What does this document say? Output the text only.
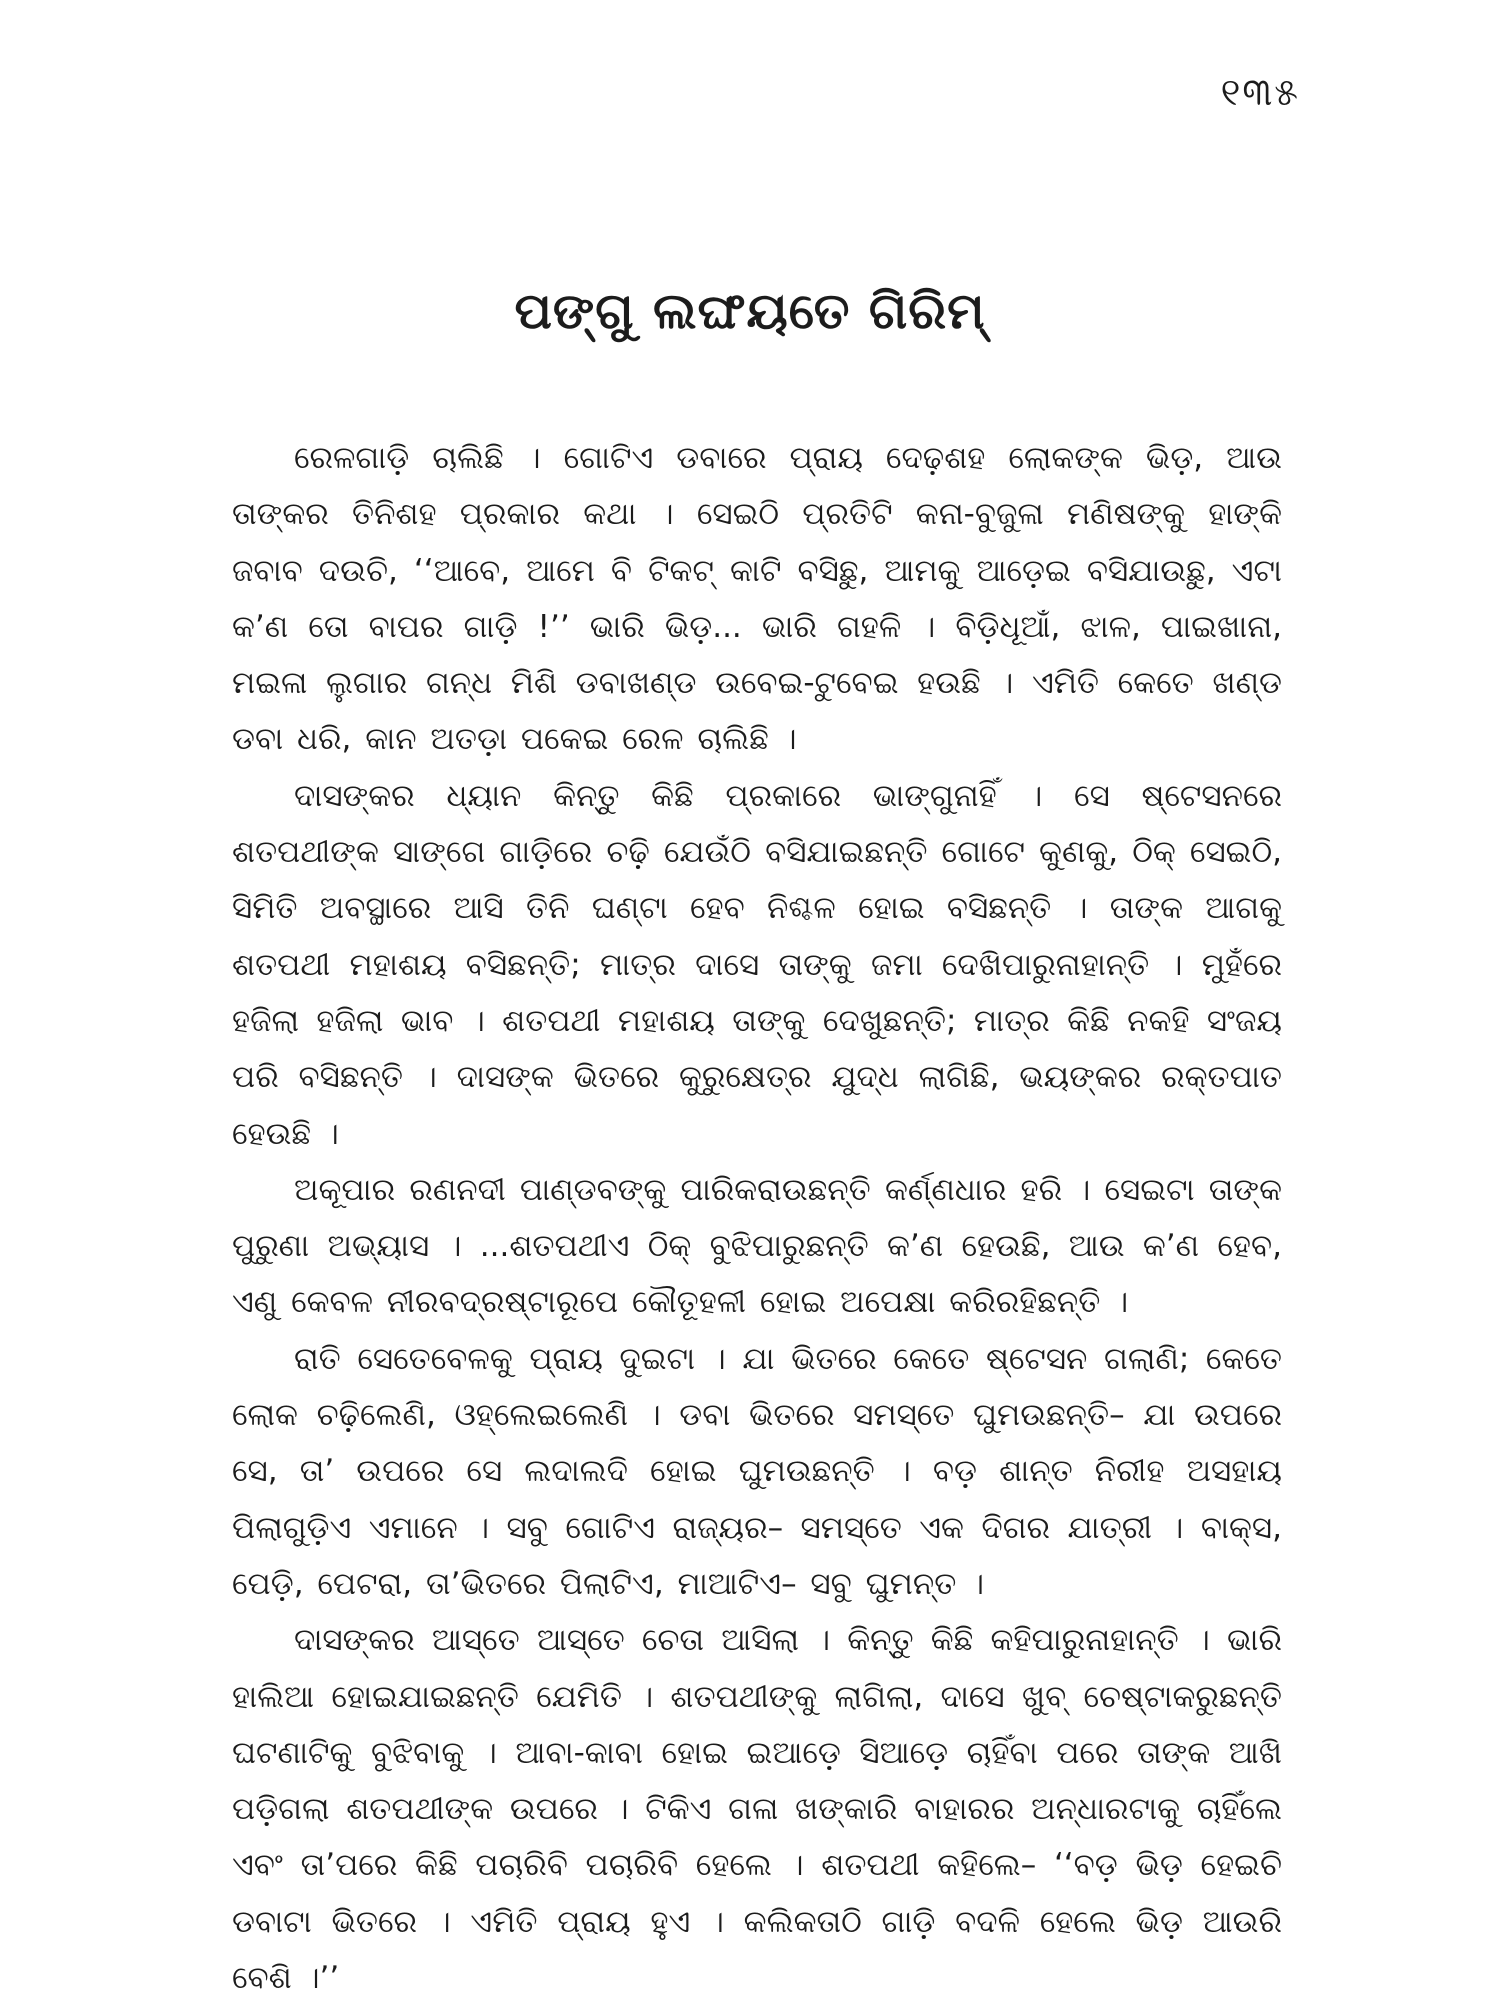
୧୩୫
ପଙ୍ଗୁ ଲଙ୍ଘୟତେ ଗିରିମ୍

ରେଳଗାଡ଼ି ଚାଲିଛି । ଗୋଟିଏ ଡବାରେ ପ୍ରାୟ ଦେଢ଼ଶହ ଲୋକଙ୍କ ଭିଡ଼, ଆଉ ତାଙ୍କର ତିନିଶହ ପ୍ରକାର କଥା । ସେଇଠି ପ୍ରତିଟି କନା-ବୁଜୁଳା ମଣିଷଙ୍କୁ ହାଙ୍କି ଜବାବ ଦଉଚି, ‘‘ଆବେ, ଆମେ ବି ଟିକଟ୍ କାଟି ବସିଛୁ, ଆମକୁ ଆଡ଼େଇ ବସିଯାଉଛୁ, ଏଟା କ’ଣ ତୋ ବାପର ଗାଡ଼ି !’’ ଭାରି ଭିଡ଼... ଭାରି ଗହଳି । ବିଡ଼ିଧୂଆଁ, ଝାଳ, ପାଇଖାନା, ମଇଳା ଲୁଗାର ଗନ୍ଧ ମିଶି ଡବାଖଣ୍ଡ ଉବେଇ-ଟୁବେଇ ହଉଛି । ଏମିତି କେତେ ଖଣ୍ଡ ଡବା ଧରି, କାନ ଅତଡ଼ା ପକେଇ ରେଳ ଚାଲିଛି ।

ଦାସଙ୍କର ଧ୍ୟାନ କିନ୍ତୁ କିଛି ପ୍ରକାରେ ଭାଙ୍ଗୁନାହିଁ । ସେ ଷ୍ଟେସନରେ ଶତପଥୀଙ୍କ ସାଙ୍ଗେ ଗାଡ଼ିରେ ଚଢ଼ି ଯେଉଁଠି ବସିଯାଇଛନ୍ତି ଗୋଟେ କୁଣକୁ, ଠିକ୍ ସେଇଠି, ସିମିତି ଅବସ୍ଥାରେ ଆସି ତିନି ଘଣ୍ଟା ହେବ ନିଶ୍ଚଳ ହୋଇ ବସିଛନ୍ତି । ତାଙ୍କ ଆଗକୁ ଶତପଥୀ ମହାଶୟ ବସିଛନ୍ତି; ମାତ୍ର ଦାସେ ତାଙ୍କୁ ଜମା ଦେଖିପାରୁନାହାନ୍ତି । ମୁହଁରେ ହଜିଲା ହଜିଲା ଭାବ । ଶତପଥୀ ମହାଶୟ ତାଙ୍କୁ ଦେଖୁଛନ୍ତି; ମାତ୍ର କିଛି ନକହି ସଂଜୟ ପରି ବସିଛନ୍ତି । ଦାସଙ୍କ ଭିତରେ କୁରୁକ୍ଷେତ୍ର ଯୁଦ୍ଧ ଲାଗିଛି, ଭୟଙ୍କର ରକ୍ତପାତ ହେଉଛି ।

ଅକୂପାର ରଣନଦୀ ପାଣ୍ଡବଙ୍କୁ ପାରିକରାଉଛନ୍ତି କର୍ଣ୍ଣଧାର ହରି । ସେଇଟା ତାଙ୍କ ପୁରୁଣା ଅଭ୍ୟାସ । ...ଶତପଥୀଏ ଠିକ୍ ବୁଝିପାରୁଛନ୍ତି କ’ଣ ହେଉଛି, ଆଉ କ’ଣ ହେବ, ଏଣୁ କେବଳ ନୀରବଦ୍ରଷ୍ଟାରୂପେ କୌତୂହଳୀ ହୋଇ ଅପେକ୍ଷା କରିରହିଛନ୍ତି ।

ରାତି ସେତେବେଳକୁ ପ୍ରାୟ ଦୁଇଟା । ଯା ଭିତରେ କେତେ ଷ୍ଟେସନ ଗଲାଣି; କେତେ ଲୋକ ଚଢ଼ିଲେଣି, ଓହ୍ଲେଇଲେଣି । ଡବା ଭିତରେ ସମସ୍ତେ ଘୁମଉଛନ୍ତି– ଯା ଉପରେ ସେ, ତା’ ଉପରେ ସେ ଲଦାଲଦି ହୋଇ ଘୁମଉଛନ୍ତି । ବଡ଼ ଶାନ୍ତ ନିରୀହ ଅସହାୟ ପିଲାଗୁଡ଼ିଏ ଏମାନେ । ସବୁ ଗୋଟିଏ ରାଜ୍ୟର– ସମସ୍ତେ ଏକ ଦିଗର ଯାତ୍ରୀ । ବାକ୍ସ, ପେଡ଼ି, ପେଟରା, ତା’ଭିତରେ ପିଲାଟିଏ, ମାଆଟିଏ– ସବୁ ଘୁମନ୍ତ ।

ଦାସଙ୍କର ଆସ୍ତେ ଆସ୍ତେ ଚେତା ଆସିଲା । କିନ୍ତୁ କିଛି କହିପାରୁନାହାନ୍ତି । ଭାରି ହାଲିଆ ହୋଇଯାଇଛନ୍ତି ଯେମିତି । ଶତପଥୀଙ୍କୁ ଲାଗିଲା, ଦାସେ ଖୁବ୍ ଚେଷ୍ଟାକରୁଛନ୍ତି ଘଟଣାଟିକୁ ବୁଝିବାକୁ । ଆବା-କାବା ହୋଇ ଇଆଡ଼େ ସିଆଡ଼େ ଚାହିଁବା ପରେ ତାଙ୍କ ଆଖି ପଡ଼ିଗଲା ଶତପଥୀଙ୍କ ଉପରେ । ଟିକିଏ ଗଳା ଖଙ୍କାରି ବାହାରର ଅନ୍ଧାରଟାକୁ ଚାହିଁଲେ ଏବଂ ତା’ପରେ କିଛି ପଚାରିବି ପଚାରିବି ହେଲେ । ଶତପଥୀ କହିଲେ– ‘‘ବଡ଼ ଭିଡ଼ ହେଇଚି ଡବାଟା ଭିତରେ । ଏମିତି ପ୍ରାୟ ହୁଏ । କଲିକତାଠି ଗାଡ଼ି ବଦଳି ହେଲେ ଭିଡ଼ ଆଉରି ବେଶି ।’’
